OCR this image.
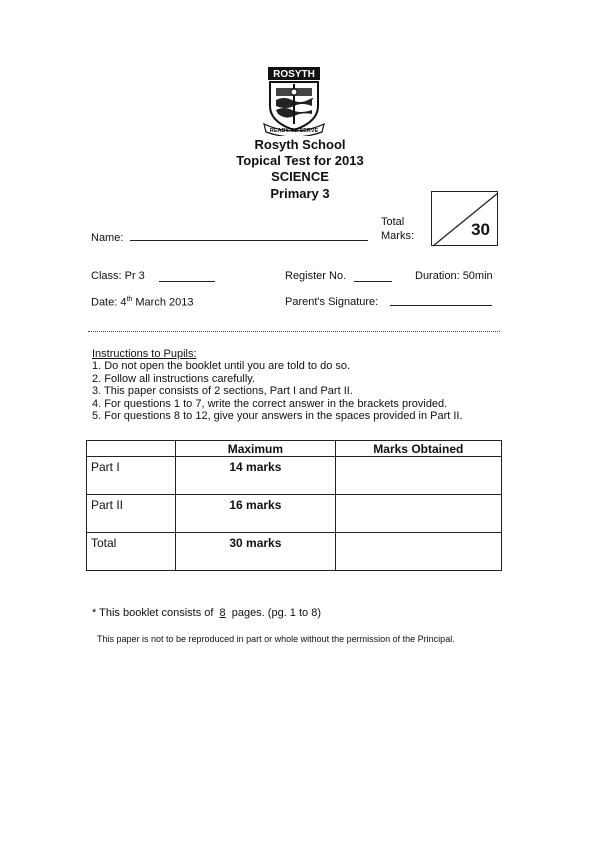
ROSYTH
READY TO SERVE
Rosyth School
Topical Test for 2013
SCIENCE
Primary 3
Name:
Total
Marks:	30
Class: Pr 3	Register No.	Duration: 50min
Date: 4th March 2013	Parent's Signature:
Instructions to Pupils:
1. Do not open the booklet until you are told to do so.
2. Follow all instructions carefully.
3. This paper consists of 2 sections, Part I and Part II.
4. For questions 1 to 7, write the correct answer in the brackets provided.
5. For questions 8 to 12, give your answers in the spaces provided in Part II.
	Maximum	Marks Obtained
Part I	14 marks	
Part II	16 marks	
Total	30 marks	
* This booklet consists of 8 pages. (pg. 1 to 8)
This paper is not to be reproduced in part or whole without the permission of the Principal.
